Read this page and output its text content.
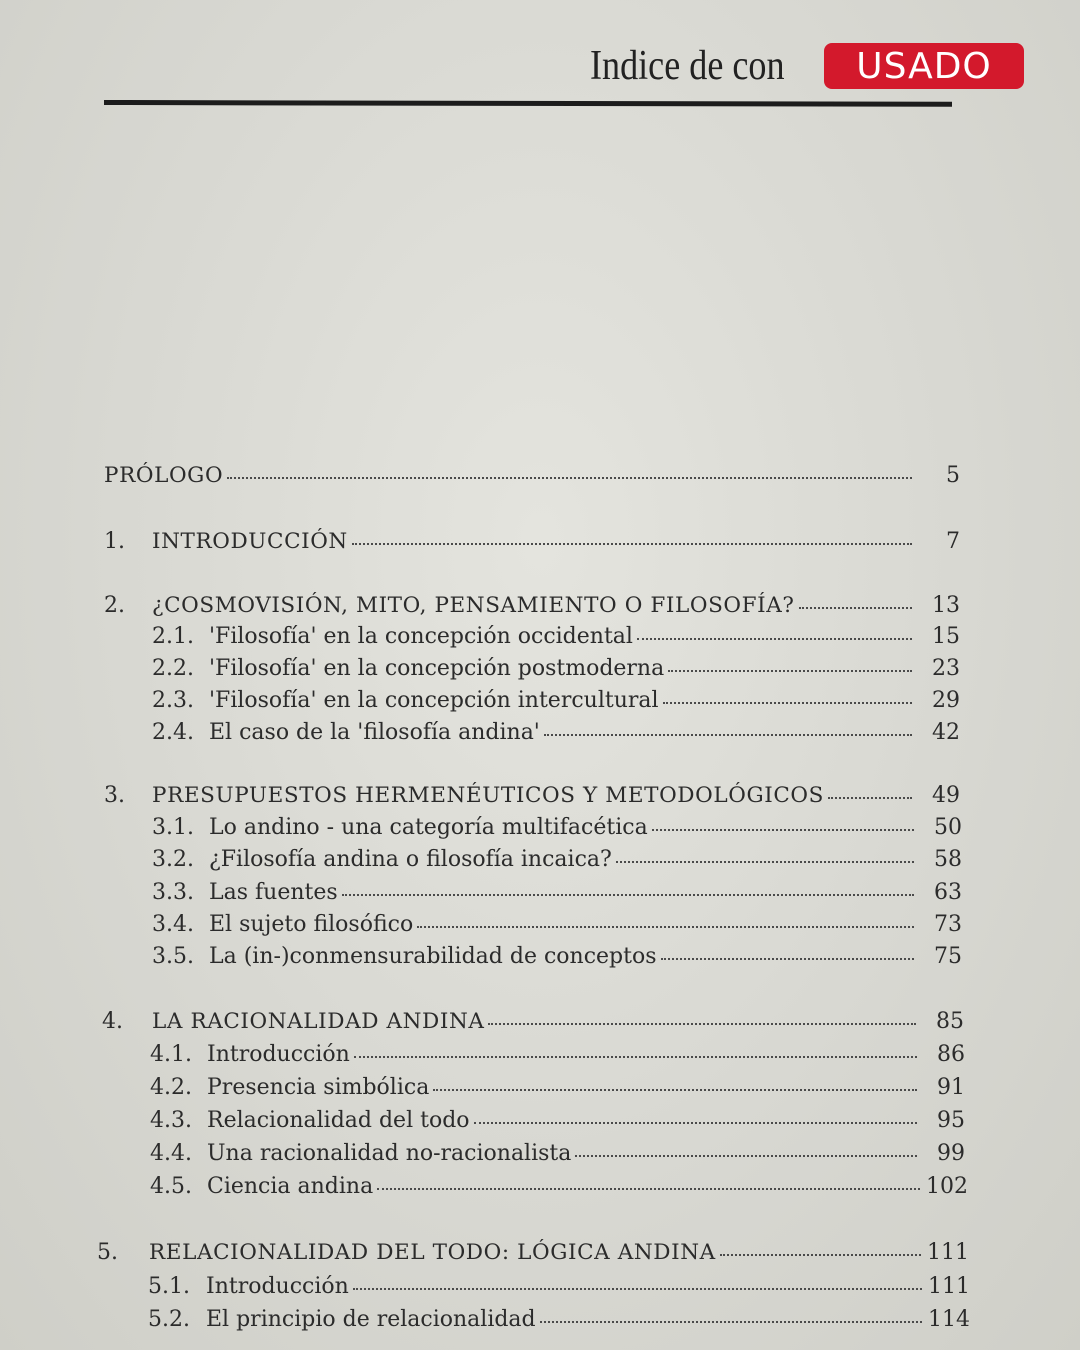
Indice de con	USADO
PRÓLOGO	5
1.	INTRODUCCIÓN	7
2.	¿COSMOVISIÓN, MITO, PENSAMIENTO O FILOSOFÍA?	13
2.1. 'Filosofía' en la concepción occidental	15
2.2. 'Filosofía' en la concepción postmoderna	23
2.3. 'Filosofía' en la concepción intercultural	29
2.4. El caso de la 'filosofía andina'	42
3.	PRESUPUESTOS HERMENÉUTICOS Y METODOLÓGICOS	49
3.1. Lo andino - una categoría multifacética	50
3.2. ¿Filosofía andina o filosofía incaica?	58
3.3. Las fuentes	63
3.4. El sujeto filosófico	73
3.5. La (in-)conmensurabilidad de conceptos	75
4.	LA RACIONALIDAD ANDINA	85
4.1. Introducción	86
4.2. Presencia simbólica	91
4.3. Relacionalidad del todo	95
4.4. Una racionalidad no-racionalista	99
4.5. Ciencia andina	102
5.	RELACIONALIDAD DEL TODO: LÓGICA ANDINA	111
5.1. Introducción	111
5.2. El principio de relacionalidad	114
